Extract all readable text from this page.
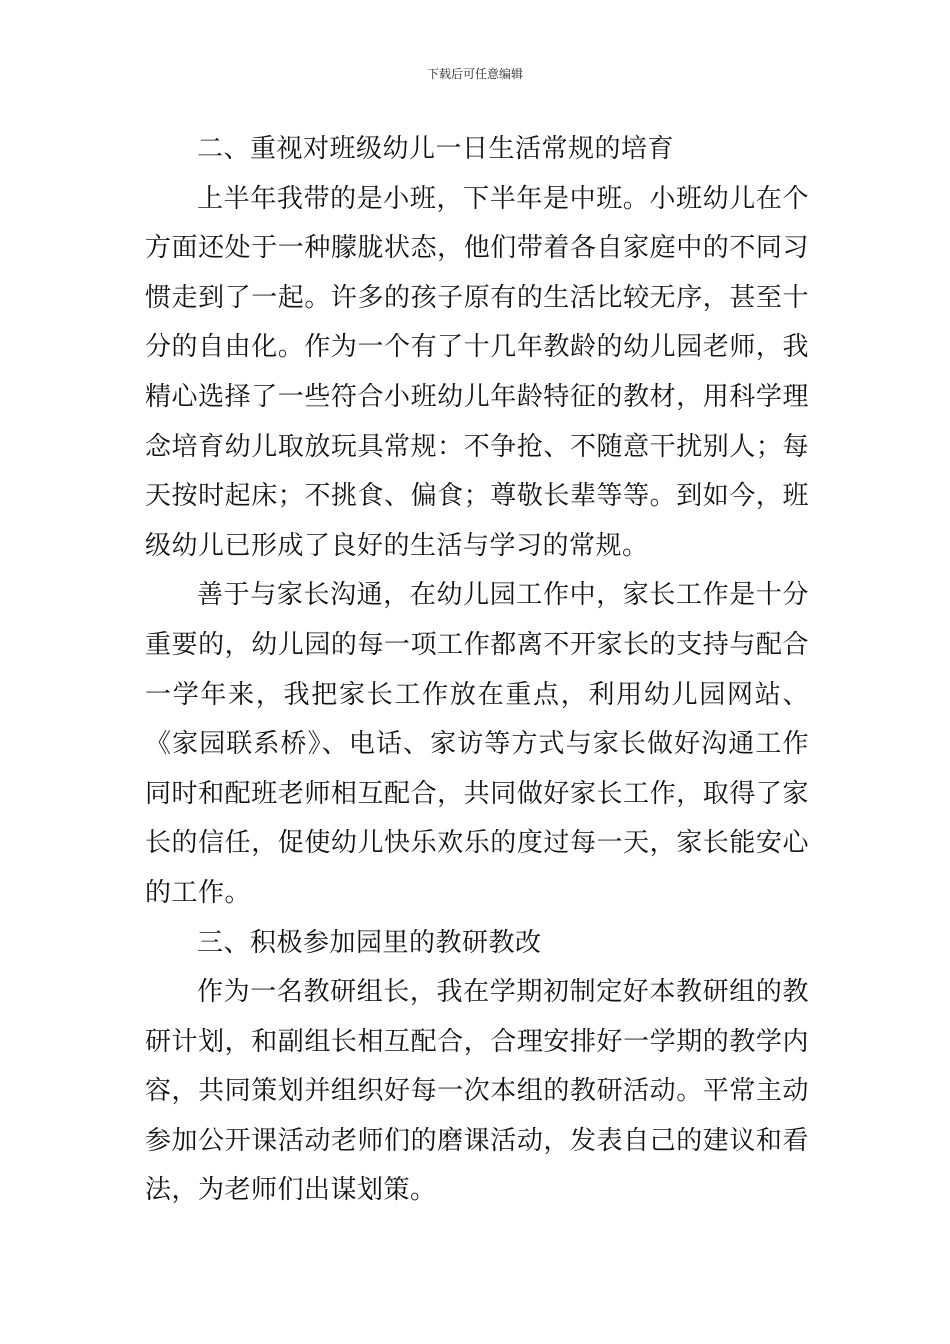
下载后可任意编辑

二、重视对班级幼儿一日生活常规的培育

上半年我带的是小班，下半年是中班。小班幼儿在个方面还处于一种朦胧状态，他们带着各自家庭中的不同习惯走到了一起。许多的孩子原有的生活比较无序，甚至十分的自由化。作为一个有了十几年教龄的幼儿园老师，我精心选择了一些符合小班幼儿年龄特征的教材，用科学理念培育幼儿取放玩具常规：不争抢、不随意干扰别人；每天按时起床；不挑食、偏食；尊敬长辈等等。到如今，班级幼儿已形成了良好的生活与学习的常规。

善于与家长沟通，在幼儿园工作中，家长工作是十分重要的，幼儿园的每一项工作都离不开家长的支持与配合一学年来，我把家长工作放在重点，利用幼儿园网站、《家园联系桥》、电话、家访等方式与家长做好沟通工作同时和配班老师相互配合，共同做好家长工作，取得了家长的信任，促使幼儿快乐欢乐的度过每一天，家长能安心的工作。

三、积极参加园里的教研教改

作为一名教研组长，我在学期初制定好本教研组的教研计划，和副组长相互配合，合理安排好一学期的教学内容，共同策划并组织好每一次本组的教研活动。平常主动参加公开课活动老师们的磨课活动，发表自己的建议和看法，为老师们出谋划策。
